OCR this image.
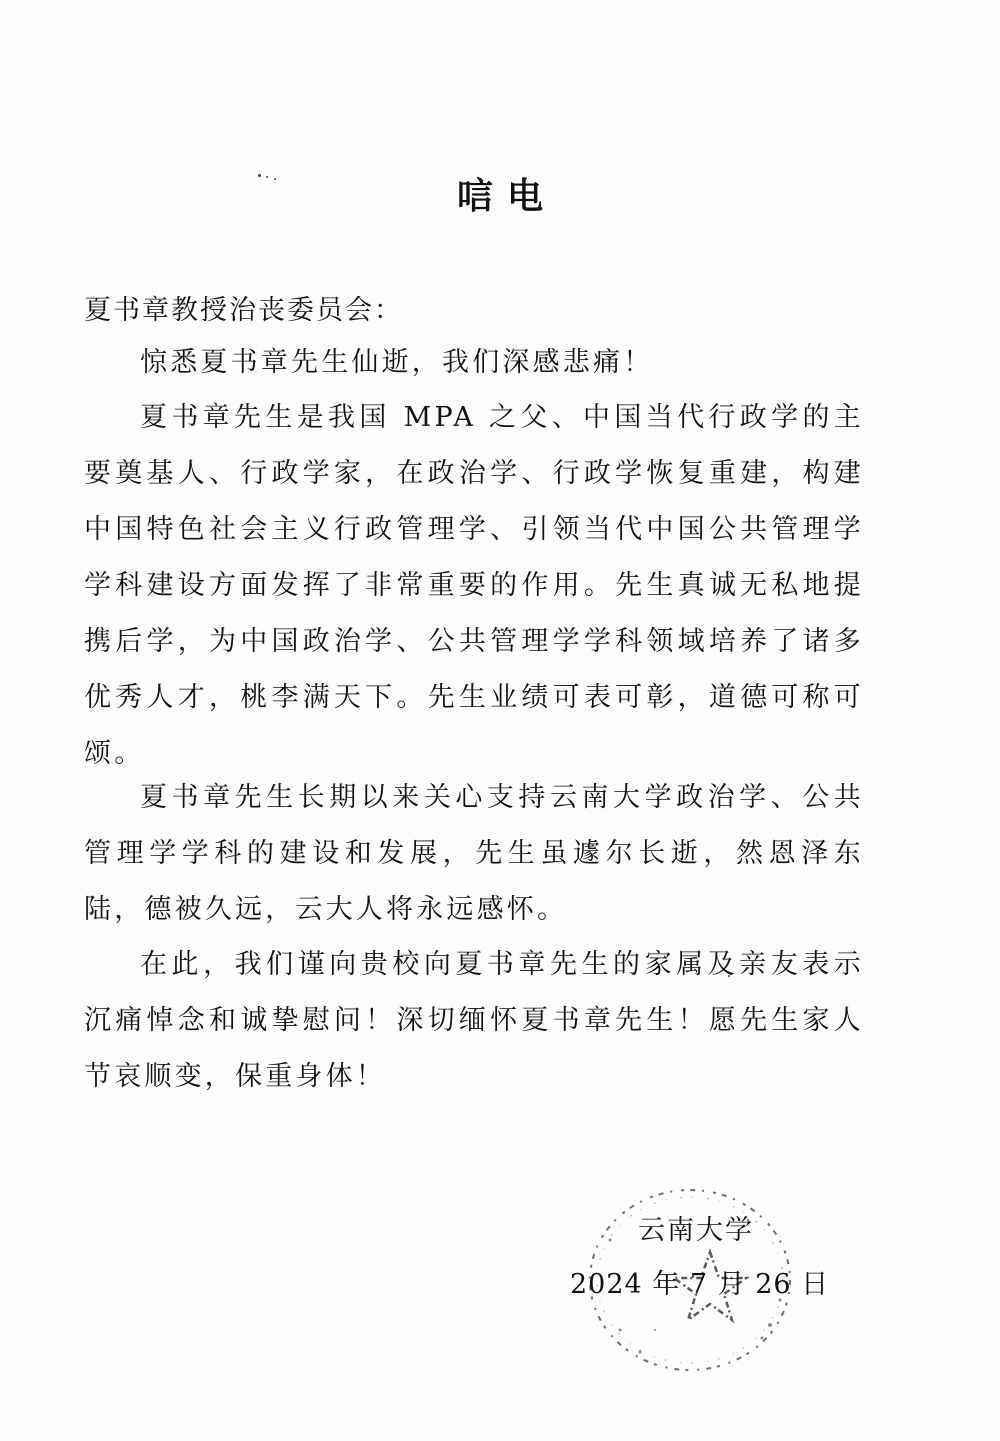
唁电
夏书章教授治丧委员会：

惊悉夏书章先生仙逝，我们深感悲痛！

夏书章先生是我国 MPA 之父、中国当代行政学的主要奠基人、行政学家，在政治学、行政学恢复重建，构建中国特色社会主义行政管理学、引领当代中国公共管理学学科建设方面发挥了非常重要的作用。先生真诚无私地提携后学，为中国政治学、公共管理学学科领域培养了诸多优秀人才，桃李满天下。先生业绩可表可彰，道德可称可颂。

夏书章先生长期以来关心支持云南大学政治学、公共管理学学科的建设和发展，先生虽遽尔长逝，然恩泽东陆，德被久远，云大人将永远感怀。

在此，我们谨向贵校向夏书章先生的家属及亲友表示沉痛悼念和诚挚慰问！深切缅怀夏书章先生！愿先生家人节哀顺变，保重身体！

云南大学
2024 年 7 月 26 日
